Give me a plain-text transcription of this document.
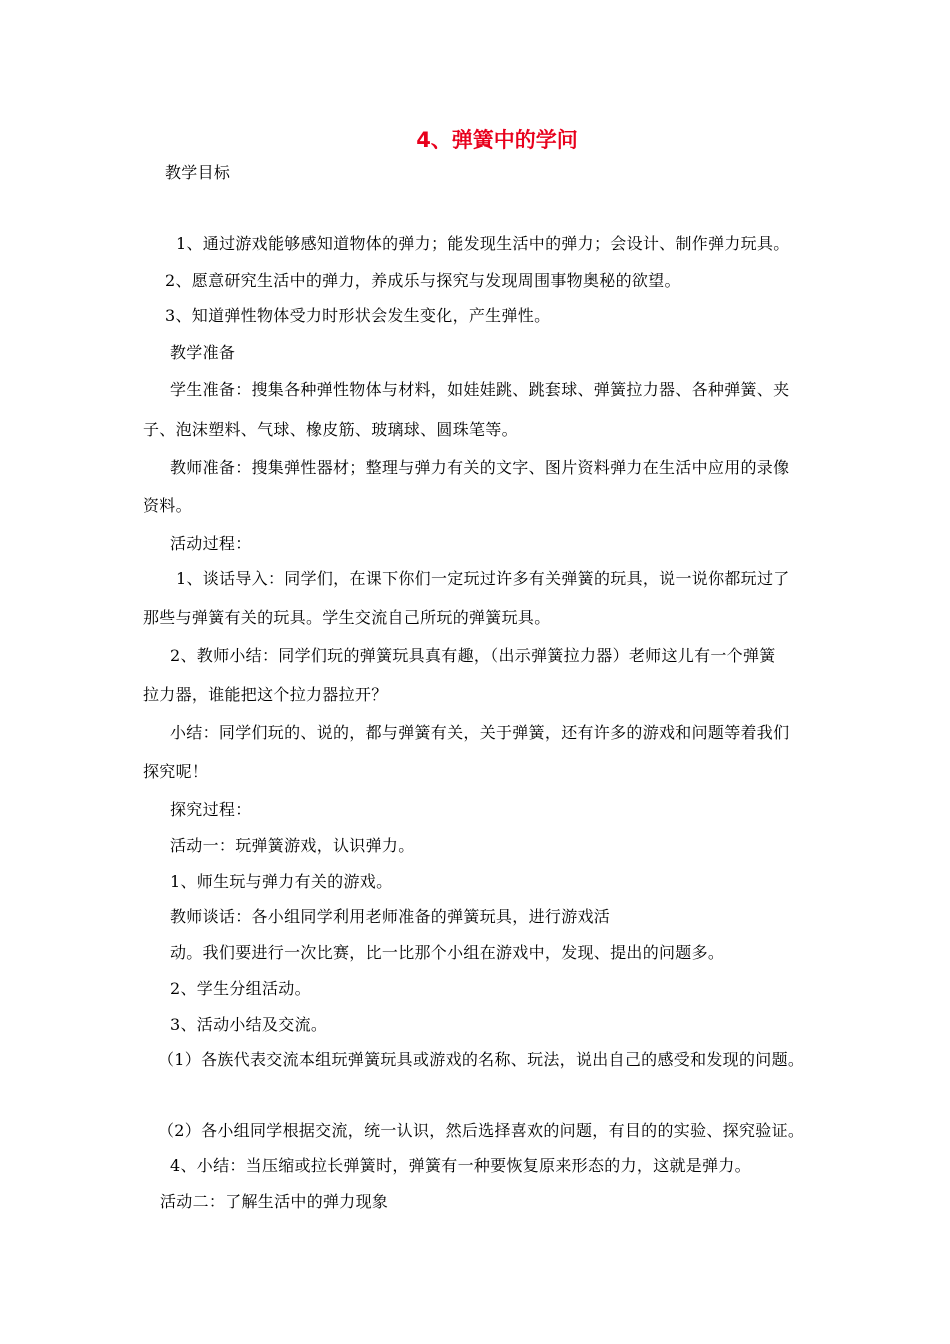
4、弹簧中的学问
教学目标
1、通过游戏能够感知道物体的弹力；能发现生活中的弹力；会设计、制作弹力玩具。
2、愿意研究生活中的弹力，养成乐与探究与发现周围事物奥秘的欲望。
3、知道弹性物体受力时形状会发生变化，产生弹性。
教学准备
学生准备：搜集各种弹性物体与材料，如娃娃跳、跳套球、弹簧拉力器、各种弹簧、夹
子、泡沫塑料、气球、橡皮筋、玻璃球、圆珠笔等。
教师准备：搜集弹性器材；整理与弹力有关的文字、图片资料弹力在生活中应用的录像
资料。
活动过程：
1、谈话导入：同学们，在课下你们一定玩过许多有关弹簧的玩具，说一说你都玩过了
那些与弹簧有关的玩具。学生交流自己所玩的弹簧玩具。
2、教师小结：同学们玩的弹簧玩具真有趣，（出示弹簧拉力器）老师这儿有一个弹簧
拉力器，谁能把这个拉力器拉开？
小结：同学们玩的、说的，都与弹簧有关，关于弹簧，还有许多的游戏和问题等着我们
探究呢！
探究过程：
活动一：玩弹簧游戏，认识弹力。
1、师生玩与弹力有关的游戏。
教师谈话：各小组同学利用老师准备的弹簧玩具，进行游戏活
动。我们要进行一次比赛，比一比那个小组在游戏中，发现、提出的问题多。
2、学生分组活动。
3、活动小结及交流。
（1）各族代表交流本组玩弹簧玩具或游戏的名称、玩法，说出自己的感受和发现的问题。
（2）各小组同学根据交流，统一认识，然后选择喜欢的问题，有目的的实验、探究验证。
4、小结：当压缩或拉长弹簧时，弹簧有一种要恢复原来形态的力，这就是弹力。
活动二：了解生活中的弹力现象
